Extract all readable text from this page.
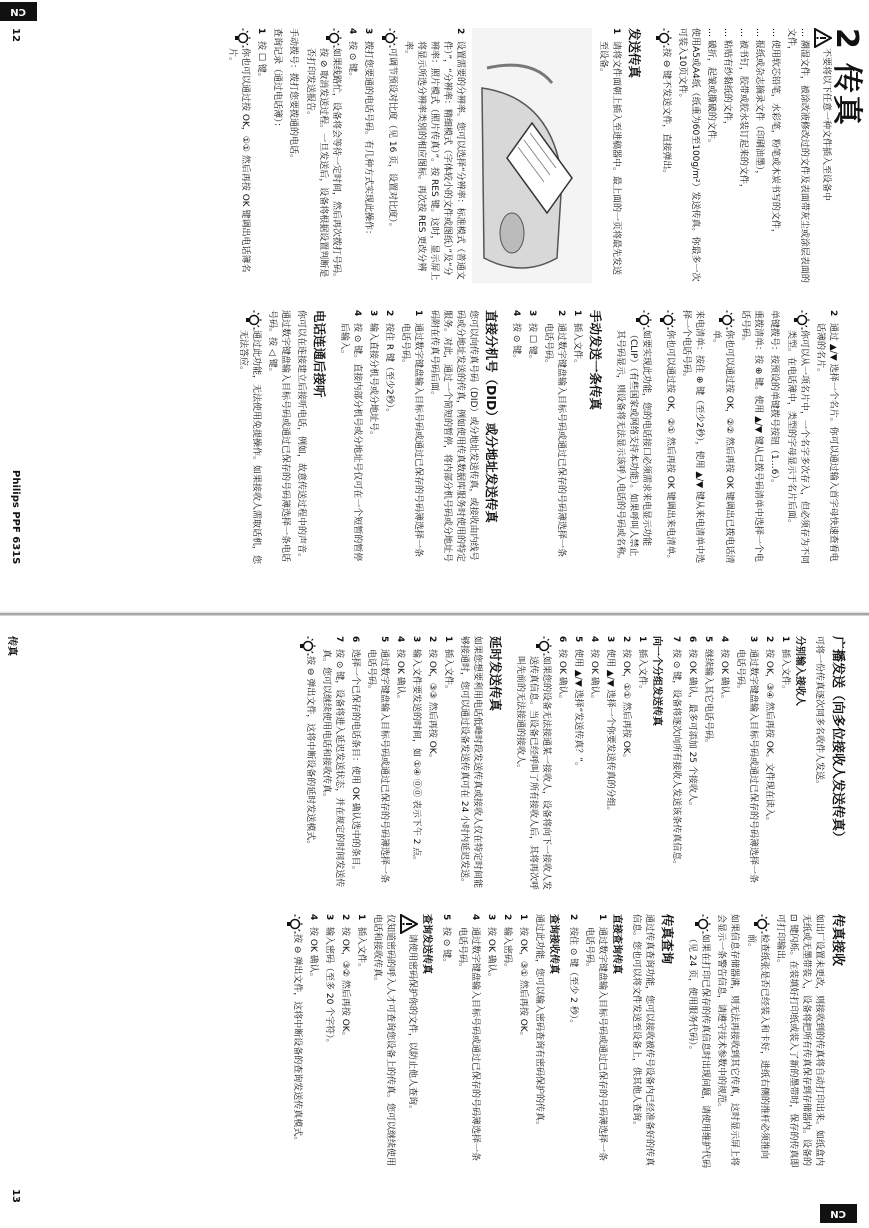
CN
2
传真
不要将以下任意一种文件插入至设备中

… 潮湿文件，被涂改液修改过的文件及表面带灰尘或涂层表面的文件，

… 使用软芯铅笔，水彩笔，粉笔或木炭书写的文件，

… 报纸或杂志摘录文件（印刷油墨），

… 被书钉，胶带或胶水装订起来的文件，

… 粘贴有纱黏纸的文件，

… 破折，起皱或撕破的文件。

使用A5或A4纸（纸重为60至100g/m²）发送传真。你最多一次可装入10页文件。

按 ⊖ 键不发送文件，直接弹出。
发送传真
1
请将文件面朝上插入至进稿器中。最上面的一页将最先发送至设备。
2
设置需要的分辨率。您可以选择“分辨率：标准模式（普通文件）”，“分辨率：精细模式（字体较小的文件或图纸）”及“分辨率：照片模式（照片传真）”。按 RES 键。这时，显示屏上将显示所选分辨率类别的相应图标。再次按 RES 更改分辨率。
可调节预设对比度（见 16 页，设置对比度）。
3
拨打您要通的电话号码。有几种方式实现此操作：
4
按 ⊙ 键。
如果线路忙，设备将会等待一定时间，然后再次拨打号码。按 ⊘ 取消发送过程。一旦发送后，设备将根据设置判断是否打印发送报告。

手动拨号：拨打您要拨通的电话。

查询记录（通过电话簿）：

1
按 ☐ 键。
你也可以通过按 OK，①① 然后再按 OK 键调出电话簿名片。
2
通过 ▲/▼ 选择一个名片。你可以通过输入首字母快速查看电话簿的名片。
你可以从一项名片中，一个名字多次存入，但必须存为不同类型。在电话簿中，类型的字母显示于名片后面。

单键拨号：按预设的单键拨号按钮（1…6）。

重拨清单：按 ⊕ 键。使用 ▲/▼ 键从已拨号码清单中选择一个电话号码。

你也可以通过按 OK，②② 然后再按 OK 键调出已拨电话清单。

来电清单：按住 ⊕ 键（至少2秒），使用 ▲/▼ 键从来电清单中选择一个电话号码。

你也可以通过按 OK，②① 然后再按 OK 键调出来电清单。
如要实现此功能，您的电话接口必须需求来电显示功能（CLIP）（有些国家或网络支持本功能）。如果呼叫人禁止其号码显示，则设备将无法显示该呼入电话的号码或名称。
手动发送一条传真
1
插入文件。
2
通过数字键盘输入目标号码或通过已保存的号码簿选择一条电话号码。
3
按 ☐ 键。
4
按 ⊙ 键。
直接分机号（DID）或分地址发送传真

您可以向传真号码（DID）或分地址发送传真，或接收由内线号码或分地址发送的传真，例如使用传真数据库服务时使用的特定服务。对此，通过一个简短的暂停，将内部分机号码或分地址号码附在传真号码后面。

1
通过数字键盘输入目标号码或通过已保存的号码簿选择一条电话号码。
2
按住 R 键（至少2秒）。
3
输入直接分机号或分地址号。
4
按 ⊙ 键。直接内部分机号或分地址号仅可在一个短暂的暂停后输入。
电话连通后接听

你可以在连接建立后接听电话，例如，故意传送过程中的声音。

通过数字键盘输入目标号码或通过已保存的号码簿选择一条电话号码。按 ◁ 键。

通过此功能，无法使用免提操作。如果接收人需取话机，您无法答应。
12
Philips PPF 631S
广播发送（向多位接收人发送传真）

可将一份传真逐次同多名收件人发送。

分别输入接收人
1
插入文件。
2
按 OK，③④ 然后再按 OK。文件现在读入。
3
通过数字键盘输入目标号码或通过已保存的号码簿选择一条电话号码。
4
按 OK 确认。
5
继续输入其它电话号码。
6
按 OK 确认，最多可添加 25 个接收人。
7
按 ⊙ 键，设备将逐次向所有接收人发送该条传真信息。
向一个分组发送传真
1
插入文件。
2
按 OK，①① 然后再按 OK。
3
使用 ▲/▼ 选择一个你要发送传真的分组。
4
按 OK 确认。
5
使用 ▲/▼ 选择“发送传真？”。
6
按 OK 确认。
如果您的设备无法接通某一接收人，设备将向下一接收人发送传真信息。当设备已经呼叫了所有接收人后，其将再次呼叫先前的无法接通的接收人。
延时发送传真

如果您想要利用电话低峰时段发送传真或接收人仅在特定时间能够接通时，您可以通过设备发送传真可在 24 小时内延迟发送。

1
插入文件。
2
按 OK，③③ 然后再按 OK。
3
输入文件要发送的时间，如 ①④ ⓪⓪ 表示下午 2 点。
4
按 OK 确认。
5
通过数字键盘输入目标号码或通过已保存的号码簿选择一条电话号码。
6
选择一个已保存的电话条目：使用 OK 确认选中的条目。
7
按 ⊙ 键，设备将进入延迟发送状态，并在规定的时间发送传真。您可以继续使用电话和接收传真。
按 ⊖ 弹出文件，这将中断设备的延时发送模式。
传真接收

如出厂设置未更改，则接收到的传真将自动打印出来。如纸盒内无纸或无墨带装入，设备将把所有传真保存到存储器内。设备的 ⊡ 键闪烁。在装填好打印纸或装入了新的墨带时，保存的传真即可打印输出。

检查纸张是否已经装入和卡好，进纸右侧的推杆必须推向前。

如果信息存储器满，则无法再接收到其它传真，这时显示屏上将会显示一条警告信息，请遵守技术参数中的规范。

如果在打印已保存的传真信息时出现问题，请使用维护代码（见 24 页，使用服务代码）。
传真查询

通过传真查询功能，您可以接收被传号设备内已经准备好的传真信息。您也可以将文件发送至设备上，供其他人查询。

直接查询传真
1
通过数字键盘输入目标号码或通过已保存的号码簿选择一条电话号码。
2
按住 ⊙ 键（至少 2 秒）。
查询接收传真

通过此功能，您可以输入密码查询有密码保护的传真。

1
按 OK，③① 然后再按 OK。
2
输入密码。
3
按 OK 确认。
4
通过数字键盘输入目标号码或通过已保存的号码簿选择一条电话号码。
5
按 ⊙ 键。
查询发送传真
请使用密码保护你的文件，以防止他人查询。

仅知道密码的呼入人才可查询您设备上的传真。您可以继续使用电话和接收传真。

1
插入文件。
2
按 OK，③② 然后再按 OK。
3
输入密码（至多 20 个字符）。
4
按 OK 确认。
按 ⊖ 弹出文件，这将中断设备的查询发送传真模式。
传真
13
CN
